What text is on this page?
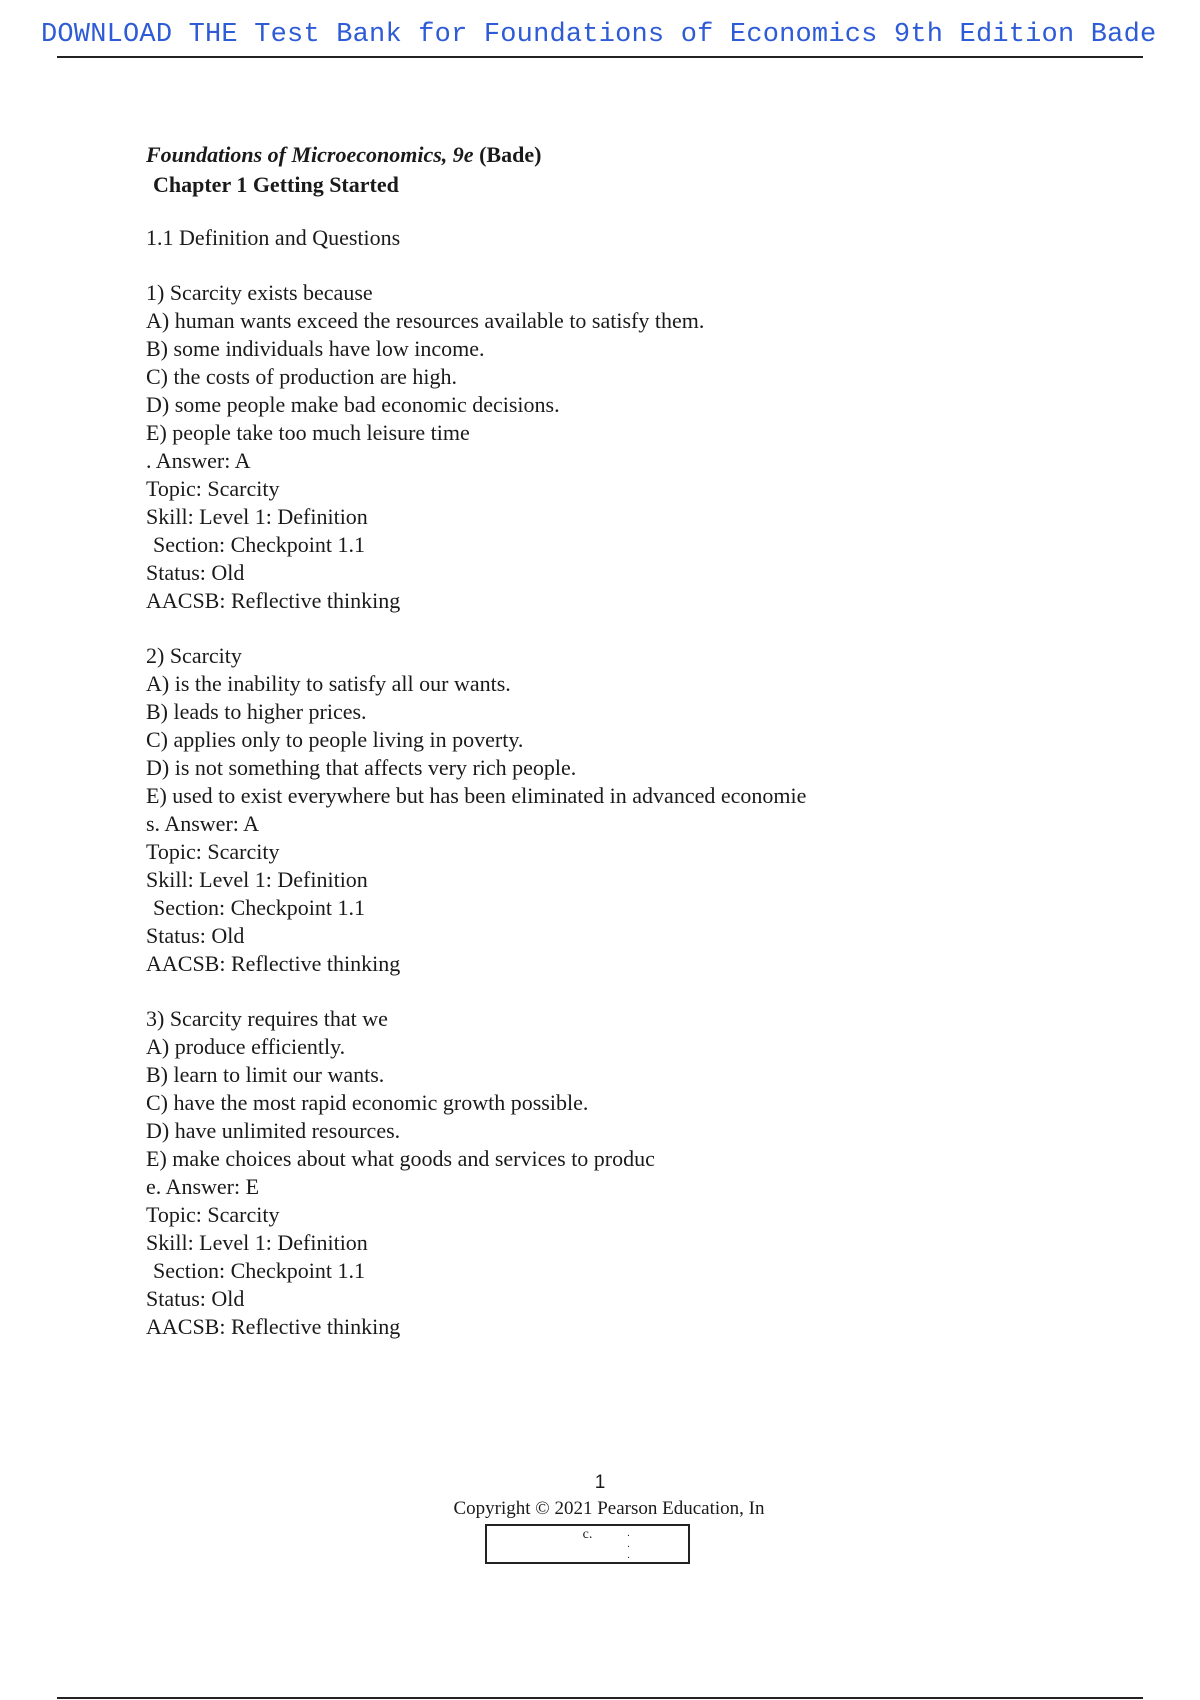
DOWNLOAD THE Test Bank for Foundations of Economics 9th Edition Bade
Foundations of Microeconomics, 9e (Bade)
Chapter 1 Getting Started
1.1 Definition and Questions
1) Scarcity exists because
A) human wants exceed the resources available to satisfy them.
B) some individuals have low income.
C) the costs of production are high.
D) some people make bad economic decisions.
E) people take too much leisure time
. Answer: A
Topic: Scarcity
Skill: Level 1: Definition
Section: Checkpoint 1.1
Status: Old
AACSB: Reflective thinking
2) Scarcity
A) is the inability to satisfy all our wants.
B) leads to higher prices.
C) applies only to people living in poverty.
D) is not something that affects very rich people.
E) used to exist everywhere but has been eliminated in advanced economie
s. Answer: A
Topic: Scarcity
Skill: Level 1: Definition
Section: Checkpoint 1.1
Status: Old
AACSB: Reflective thinking
3) Scarcity requires that we
A) produce efficiently.
B) learn to limit our wants.
C) have the most rapid economic growth possible.
D) have unlimited resources.
E) make choices about what goods and services to produc
e. Answer: E
Topic: Scarcity
Skill: Level 1: Definition
Section: Checkpoint 1.1
Status: Old
AACSB: Reflective thinking
1
Copyright © 2021 Pearson Education, In
c.	. . .
